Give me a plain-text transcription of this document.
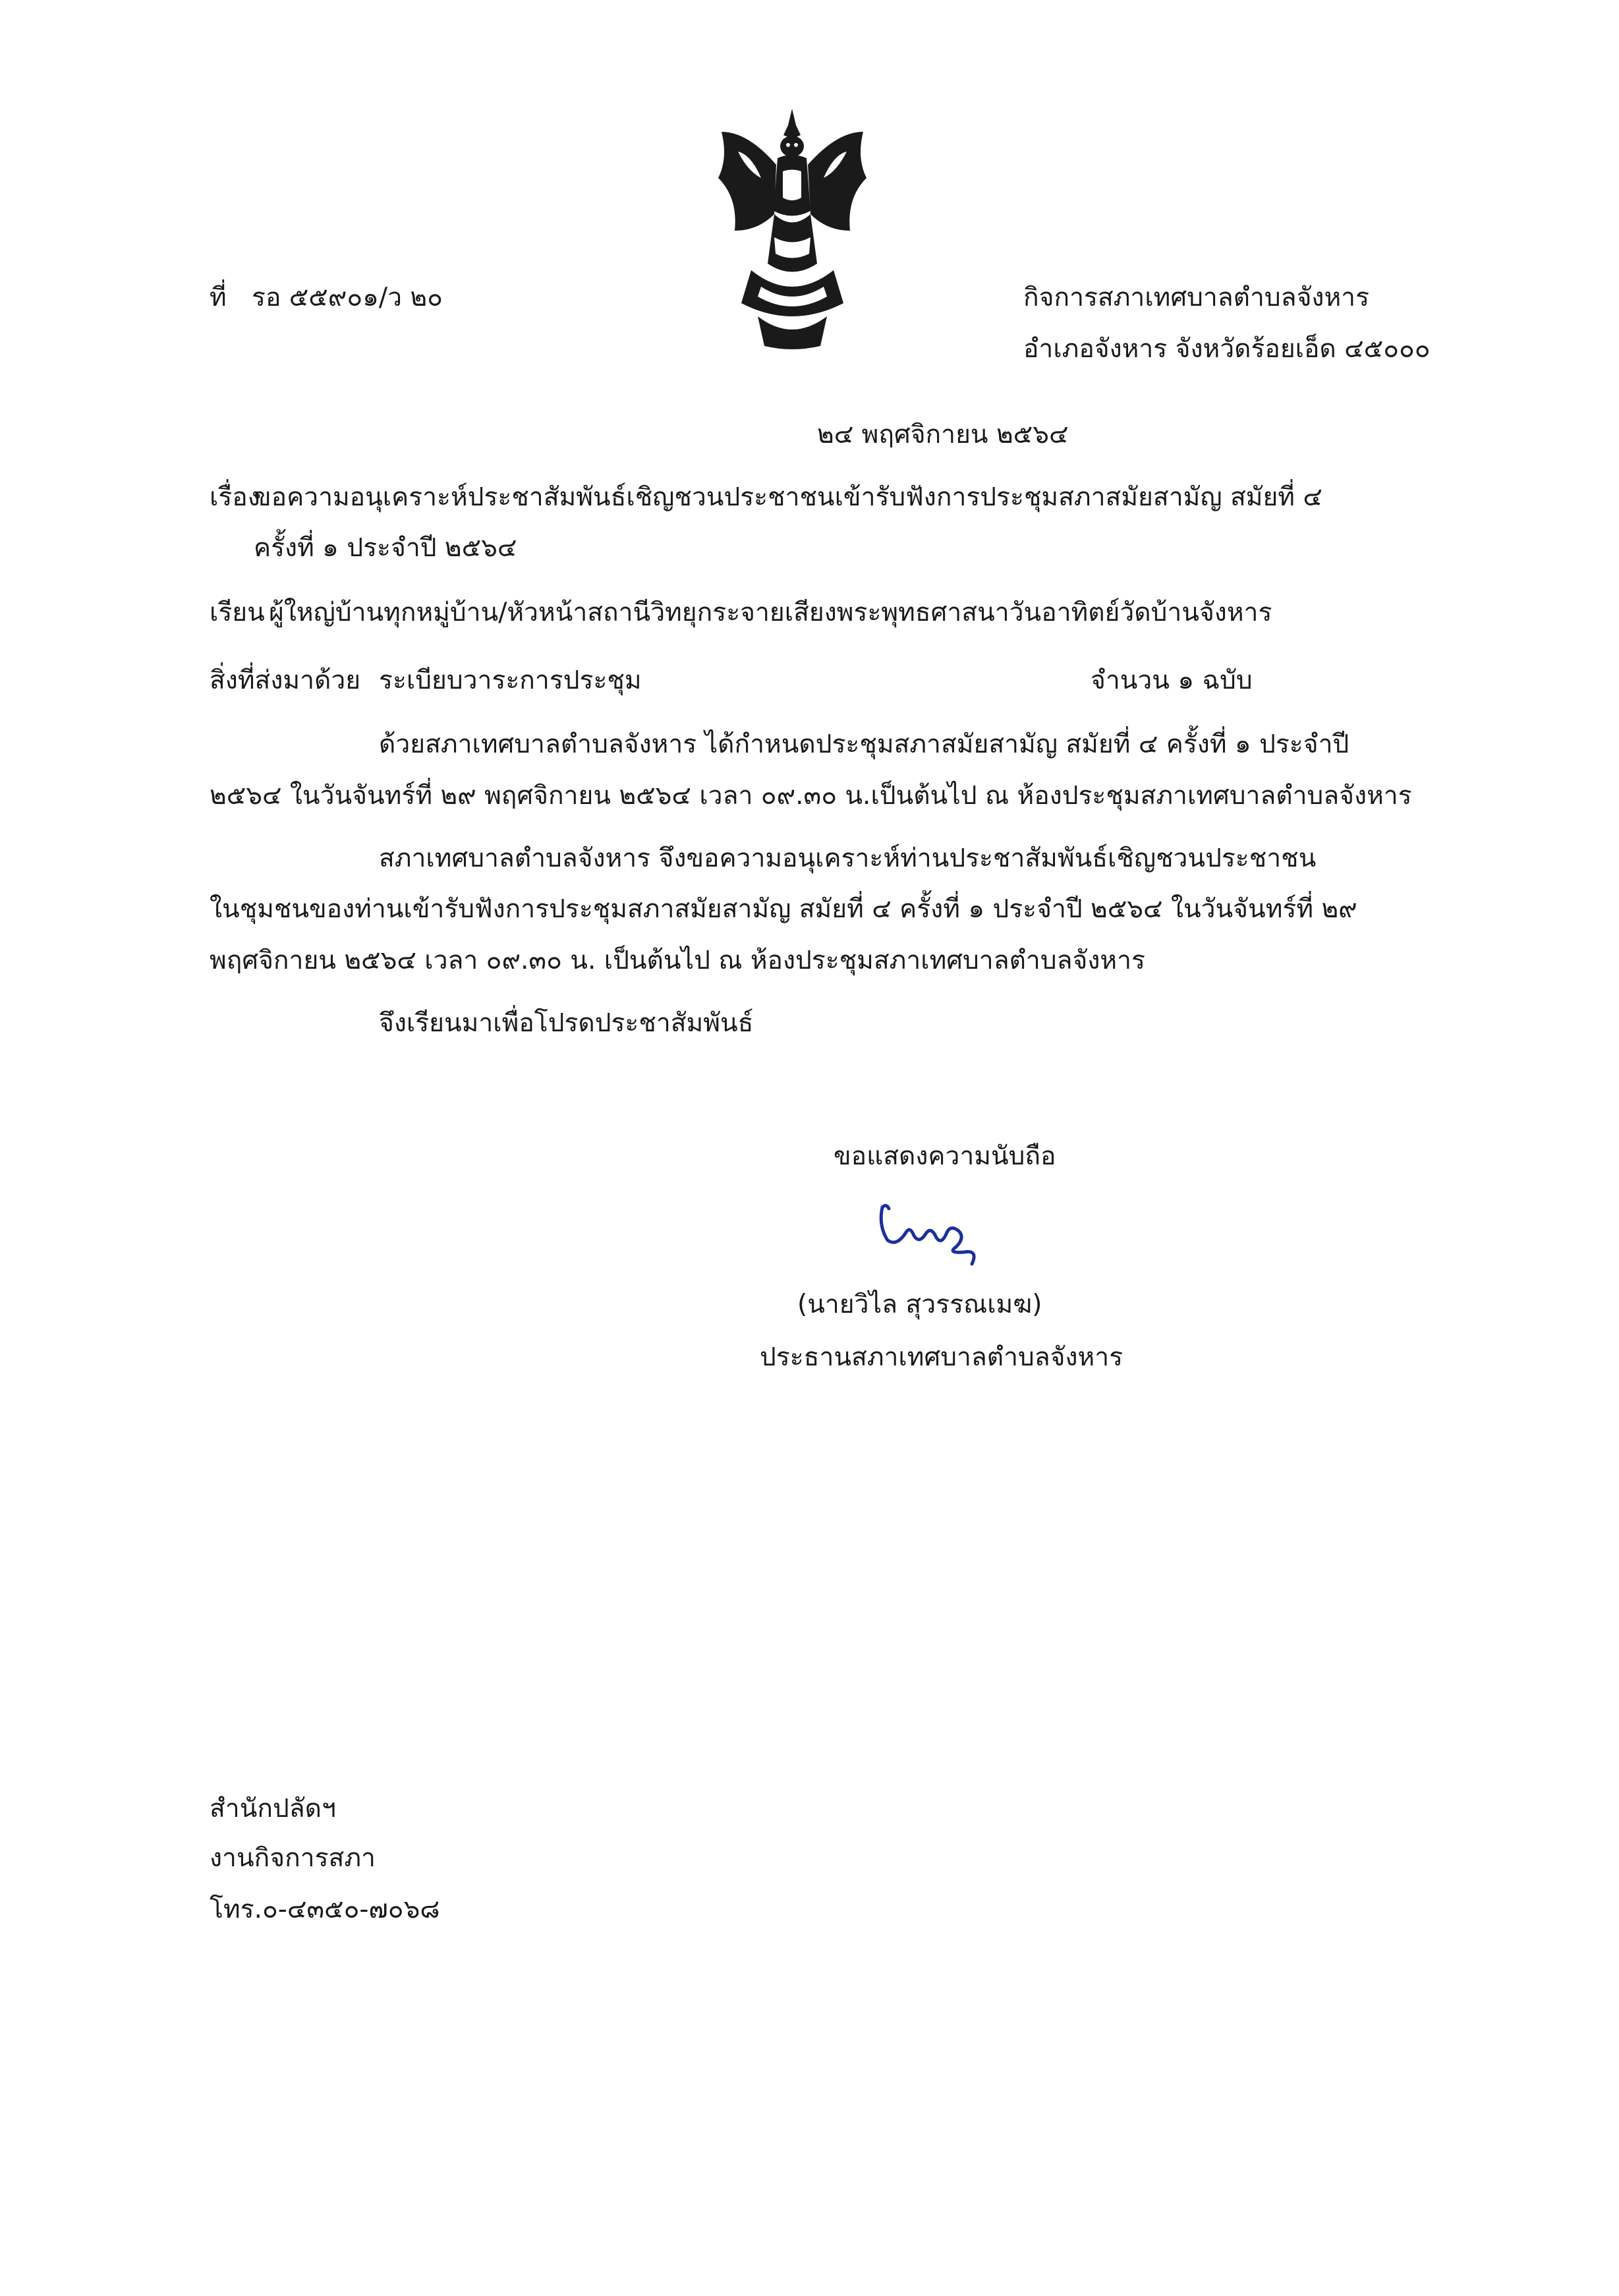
ที่ รอ ๕๕๙๐๑/ว ๒๐	กิจการสภาเทศบาลตำบลจังหาร
อำเภอจังหาร จังหวัดร้อยเอ็ด ๔๕๐๐๐
๒๔ พฤศจิกายน ๒๕๖๔
เรื่อง
ขอความอนุเคราะห์ประชาสัมพันธ์เชิญชวนประชาชนเข้ารับฟังการประชุมสภาสมัยสามัญ สมัยที่ ๔
ครั้งที่ ๑ ประจำปี ๒๕๖๔
เรียน ผู้ใหญ่บ้านทุกหมู่บ้าน/หัวหน้าสถานีวิทยุกระจายเสียงพระพุทธศาสนาวันอาทิตย์วัดบ้านจังหาร
สิ่งที่ส่งมาด้วย ระเบียบวาระการประชุม	จำนวน ๑ ฉบับ
ด้วยสภาเทศบาลตำบลจังหาร ได้กำหนดประชุมสภาสมัยสามัญ สมัยที่ ๔ ครั้งที่ ๑ ประจำปี
๒๕๖๔ ในวันจันทร์ที่ ๒๙ พฤศจิกายน ๒๕๖๔ เวลา ๐๙.๓๐ น.เป็นต้นไป ณ ห้องประชุมสภาเทศบาลตำบลจังหาร
สภาเทศบาลตำบลจังหาร จึงขอความอนุเคราะห์ท่านประชาสัมพันธ์เชิญชวนประชาชน
ในชุมชนของท่านเข้ารับฟังการประชุมสภาสมัยสามัญ สมัยที่ ๔ ครั้งที่ ๑ ประจำปี ๒๕๖๔ ในวันจันทร์ที่ ๒๙
พฤศจิกายน ๒๕๖๔ เวลา ๐๙.๓๐ น. เป็นต้นไป ณ ห้องประชุมสภาเทศบาลตำบลจังหาร
จึงเรียนมาเพื่อโปรดประชาสัมพันธ์
ขอแสดงความนับถือ
(นายวิไล สุวรรณเมฆ)
ประธานสภาเทศบาลตำบลจังหาร
สำนักปลัดฯ
งานกิจการสภา
โทร.๐-๔๓๕๐-๗๐๖๘
